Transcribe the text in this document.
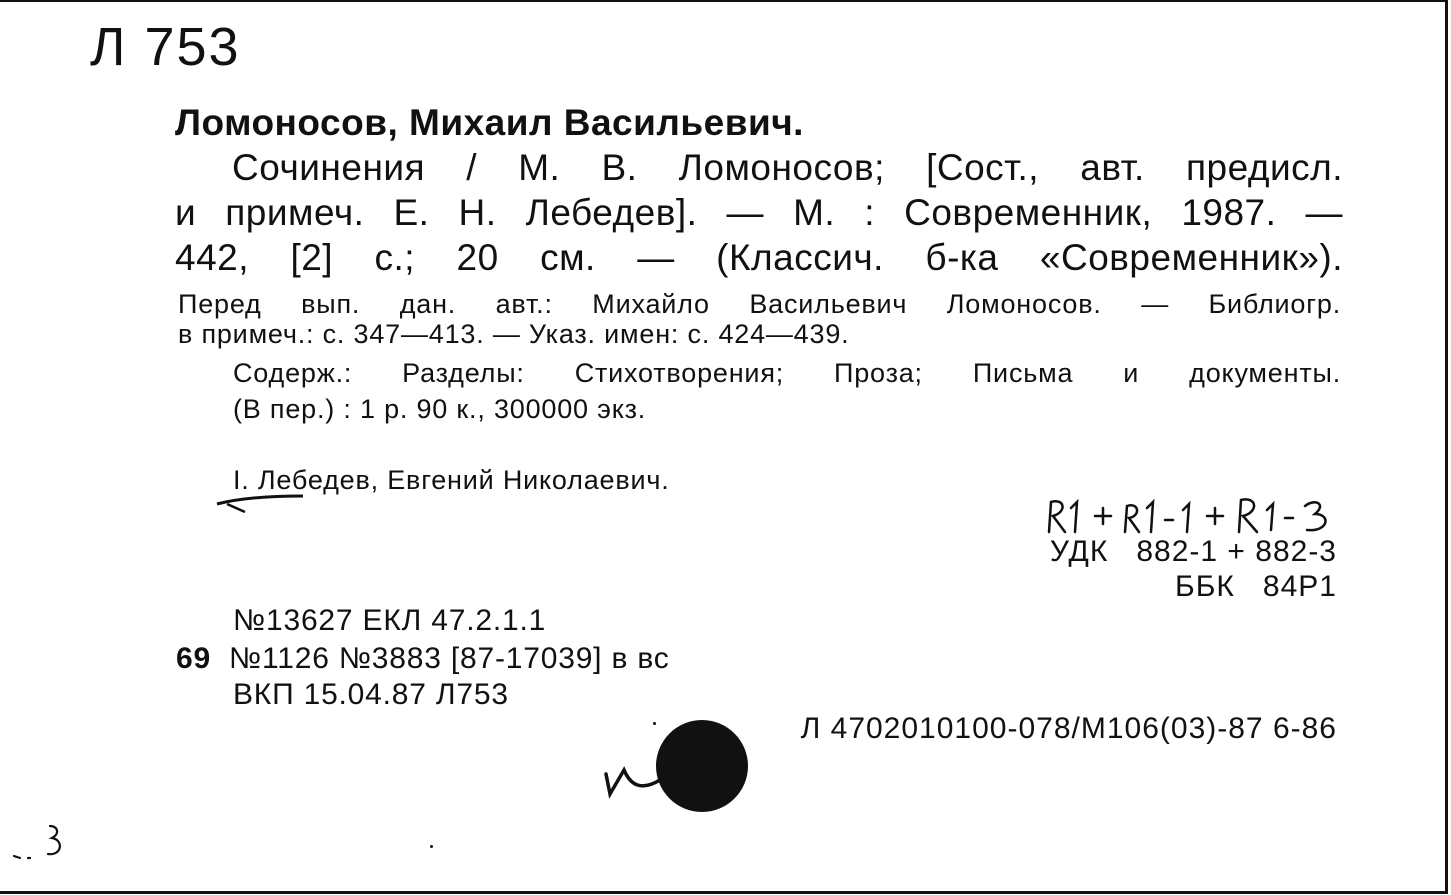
Л 753
Ломоносов, Михаил Васильевич.
Сочинения / М. В. Ломоносов; [Сост., авт. предисл.
и примеч. Е. Н. Лебедев]. — М. : Современник, 1987. —
442, [2] с.; 20 см. — (Классич. б-ка «Современник»).
Перед вып. дан. авт.: Михайло Васильевич Ломоносов. — Библиогр.
в примеч.: с. 347—413. — Указ. имен: с. 424—439.
Содерж.: Разделы: Стихотворения; Проза; Письма и документы.
(В пер.) : 1 р. 90 к., 300000 экз.
I. Лебедев, Евгений Николаевич.
УДК 882-1 + 882-3
ББК 84Р1
№13627 ЕКЛ 47.2.1.1
69 №1126 №3883 [87-17039] в вс
ВКП 15.04.87 Л753
Л 4702010100-078/М106(03)-87 6-86
